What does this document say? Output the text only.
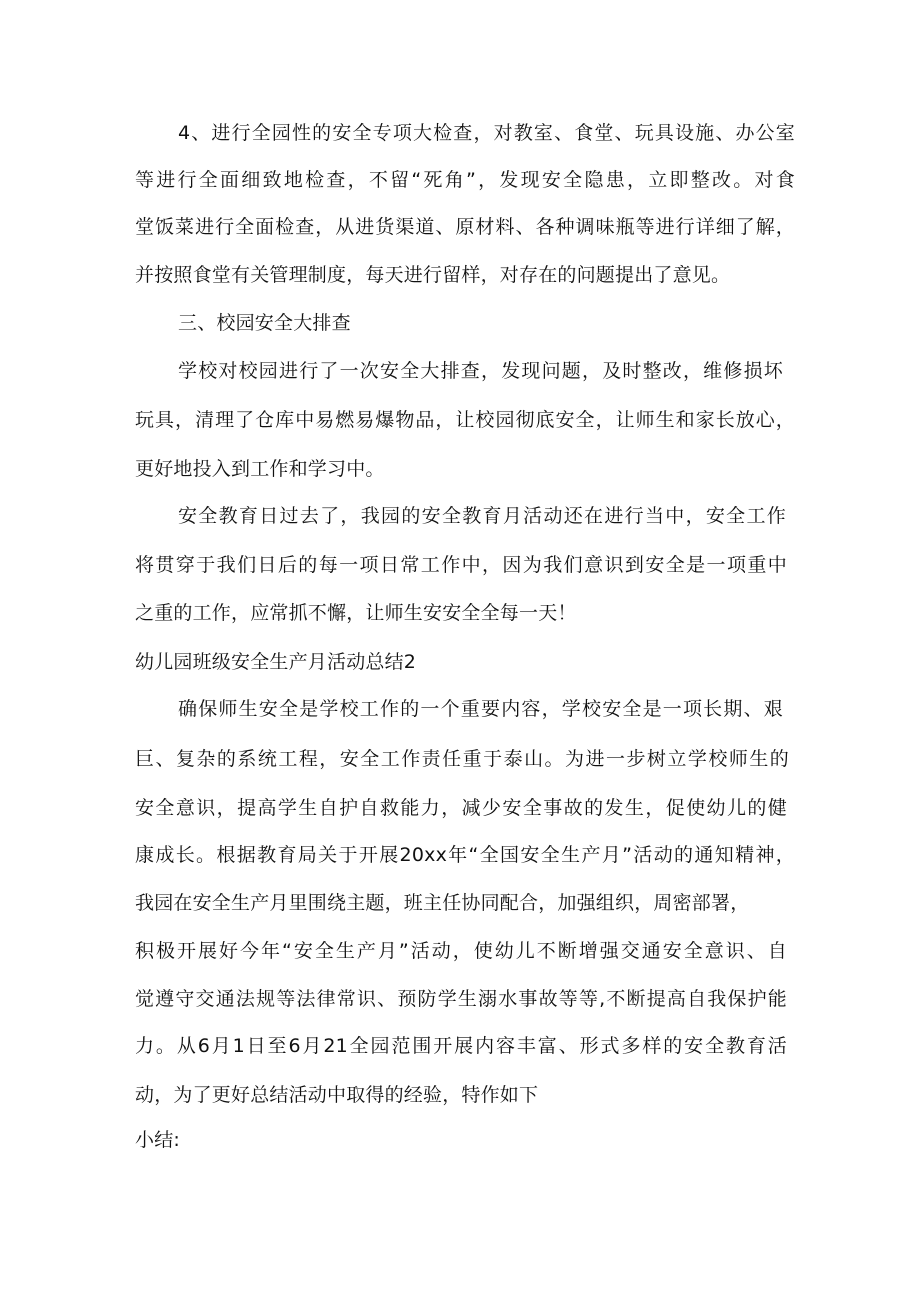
4、进行全园性的安全专项大检查，对教室、食堂、玩具设施、办公室
等进行全面细致地检查，不留“死角”，发现安全隐患，立即整改。对食
堂饭菜进行全面检查，从进货渠道、原材料、各种调味瓶等进行详细了解，
并按照食堂有关管理制度，每天进行留样，对存在的问题提出了意见。
三、校园安全大排查
学校对校园进行了一次安全大排查，发现问题，及时整改，维修损坏
玩具，清理了仓库中易燃易爆物品，让校园彻底安全，让师生和家长放心，
更好地投入到工作和学习中。
安全教育日过去了，我园的安全教育月活动还在进行当中，安全工作
将贯穿于我们日后的每一项日常工作中，因为我们意识到安全是一项重中
之重的工作，应常抓不懈，让师生安安全全每一天！
幼儿园班级安全生产月活动总结2
确保师生安全是学校工作的一个重要内容，学校安全是一项长期、艰
巨、复杂的系统工程，安全工作责任重于泰山。为进一步树立学校师生的
安全意识，提高学生自护自救能力，减少安全事故的发生，促使幼儿的健
康成长。根据教育局关于开展20xx年“全国安全生产月”活动的通知精神，
我园在安全生产月里围绕主题，班主任协同配合，加强组织，周密部署，
积极开展好今年“安全生产月”活动，使幼儿不断增强交通安全意识、自
觉遵守交通法规等法律常识、预防学生溺水事故等等,不断提高自我保护能
力。从6月1日至6月21全园范围开展内容丰富、形式多样的安全教育活
动，为了更好总结活动中取得的经验，特作如下
小结:
